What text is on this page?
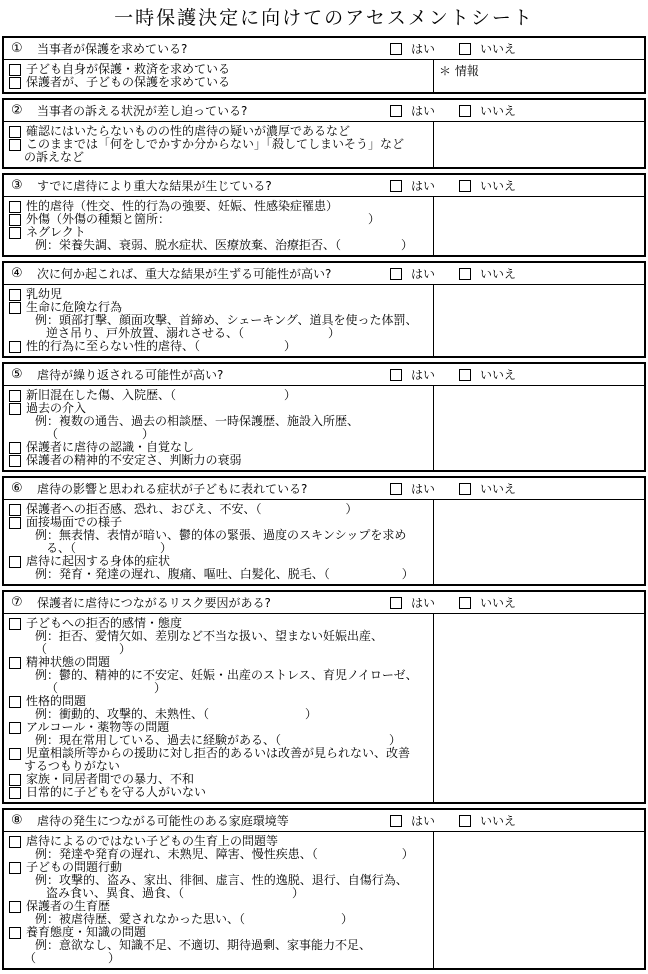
一時保護決定に向けてのアセスメントシート
① 当事者が保護を求めている?	はい	いいえ
子ども自身が保護・救済を求めている
保護者が、子どもの保護を求めている
＊ 情報
② 当事者の訴える状況が差し迫っている?	はい	いいえ
確認にはいたらないものの性的虐待の疑いが濃厚であるなど
このままでは「何をしでかすか分からない」「殺してしまいそう」など
の訴えなど
③ すでに虐待により重大な結果が生じている?	はい	いいえ
性的虐待（性交、性的行為の強要、妊娠、性感染症罹患）
外傷（外傷の種類と箇所：　　　　　　　　　　　　　　　　　）
ネグレクト
例：栄養失調、衰弱、脱水症状、医療放棄、治療拒否、（　　　　　）
④ 次に何か起これば、重大な結果が生ずる可能性が高い?	はい	いいえ
乳幼児
生命に危険な行為
例：頭部打撃、顔面攻撃、首締め、シェーキング、道具を使った体罰、
逆さ吊り、戸外放置、溺れさせる、（　　　　　　　）
性的行為に至らない性的虐待、（　　　　　　　）
⑤ 虐待が繰り返される可能性が高い?	はい	いいえ
新旧混在した傷、入院歴、（　　　　　　　　　）
過去の介入
例：複数の通告、過去の相談歴、一時保護歴、施設入所歴、
（　　　　　　　）
保護者に虐待の認識・自覚なし
保護者の精神的不安定さ、判断力の衰弱
⑥ 虐待の影響と思われる症状が子どもに表れている?	はい	いいえ
保護者への拒否感、恐れ、おびえ、不安、（　　　　　　　）
面接場面での様子
例：無表情、表情が暗い、鬱的体の緊張、過度のスキンシップを求め
る、（　　　　　　　）
虐待に起因する身体的症状
例：発育・発達の遅れ、腹痛、嘔吐、白髪化、脱毛、（　　　　　　）
⑦ 保護者に虐待につながるリスク要因がある?	はい	いいえ
子どもへの拒否的感情・態度
例：拒否、愛情欠如、差別など不当な扱い、望まない妊娠出産、
（　　　　　　）
精神状態の問題
例：鬱的、精神的に不安定、妊娠・出産のストレス、育児ノイローゼ、
（　　　　　　　　）
性格的問題
例：衝動的、攻撃的、未熟性、（　　　　　　　　）
アルコール・薬物等の問題
例：現在常用している、過去に経験がある、（　　　　　　　　　）
児童相談所等からの援助に対し拒否的あるいは改善が見られない、改善
するつもりがない
家族・同居者間での暴力、不和
日常的に子どもを守る人がいない
⑧ 虐待の発生につながる可能性のある家庭環境等	はい	いいえ
虐待によるのではない子どもの生育上の問題等
例：発達や発育の遅れ、未熟児、障害、慢性疾患、（　　　　　　　）
子どもの問題行動
例：攻撃的、盗み、家出、徘徊、虚言、性的逸脱、退行、自傷行為、
盗み食い、異食、過食、（　　　　　　　　　）
保護者の生育歴
例：被虐待歴、愛されなかった思い、（　　　　　　　　）
養育態度・知識の問題
例：意欲なし、知識不足、不適切、期待過剰、家事能力不足、
（　　　　　　）
